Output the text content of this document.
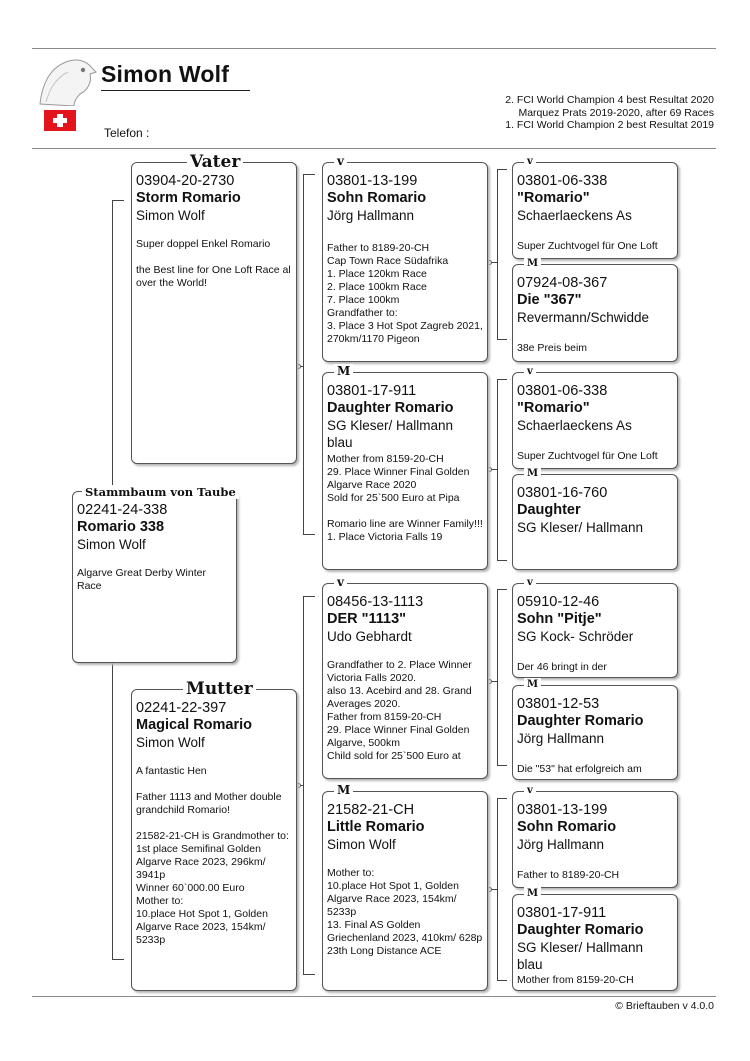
Simon Wolf
Telefon :
2. FCI World Champion 4 best Resultat 2020
Marquez Prats 2019-2020, after 69 Races
1. FCI World Champion 2 best Resultat 2019
02241-24-338
Romario 338
Simon Wolf
Algarve Great Derby Winter Race
Stammbaum von Taube
03904-20-2730
Storm Romario
Simon Wolf
Super doppel Enkel Romario

the Best line for One Loft Race al over the World!
Vater
02241-22-397
Magical Romario
Simon Wolf
A fantastic Hen

Father 1113 and Mother double grandchild Romario!

21582-21-CH is Grandmother to:
1st place Semifinal Golden Algarve Race 2023, 296km/ 3941p
Winner 60`000.00 Euro
Mother to:
10.place Hot Spot 1, Golden Algarve Race 2023, 154km/ 5233p
Mutter
03801-13-199
Sohn Romario
Jörg Hallmann
Father to 8189-20-CH
Cap Town Race Südafrika
1. Place 120km Race
2. Place 100km Race
7. Place 100km
Grandfather to:
3. Place 3 Hot Spot Zagreb 2021, 270km/1170 Pigeon
v
03801-17-911
Daughter Romario
SG Kleser/ Hallmann
blau
Mother from 8159-20-CH
29. Place Winner Final Golden Algarve Race 2020
Sold for 25`500 Euro at Pipa

Romario line are Winner Family!!!
1. Place Victoria Falls 19
M
08456-13-1113
DER "1113"
Udo Gebhardt
Grandfather to 2. Place Winner Victoria Falls 2020.
also 13. Acebird and 28. Grand Averages 2020.
Father from 8159-20-CH
29. Place Winner Final Golden Algarve, 500km
Child sold for 25`500 Euro at
v
21582-21-CH
Little Romario
Simon Wolf
Mother to:
10.place Hot Spot 1, Golden Algarve Race 2023, 154km/ 5233p
13. Final AS Golden Griechenland 2023, 410km/ 628p
23th Long Distance ACE
M
03801-06-338
"Romario"
Schaerlaeckens As
Super Zuchtvogel für One Loft
v
07924-08-367
Die "367"
Revermann/Schwidde
38e Preis beim
M
03801-06-338
"Romario"
Schaerlaeckens As
Super Zuchtvogel für One Loft
v
03801-16-760
Daughter
SG Kleser/ Hallmann
M
05910-12-46
Sohn "Pitje"
SG Kock- Schröder
Der 46 bringt in der
v
03801-12-53
Daughter Romario
Jörg Hallmann
Die "53" hat erfolgreich am
M
03801-13-199
Sohn Romario
Jörg Hallmann
Father to 8189-20-CH
v
03801-17-911
Daughter Romario
SG Kleser/ Hallmann
blau
Mother from 8159-20-CH
M
© Brieftauben v 4.0.0
